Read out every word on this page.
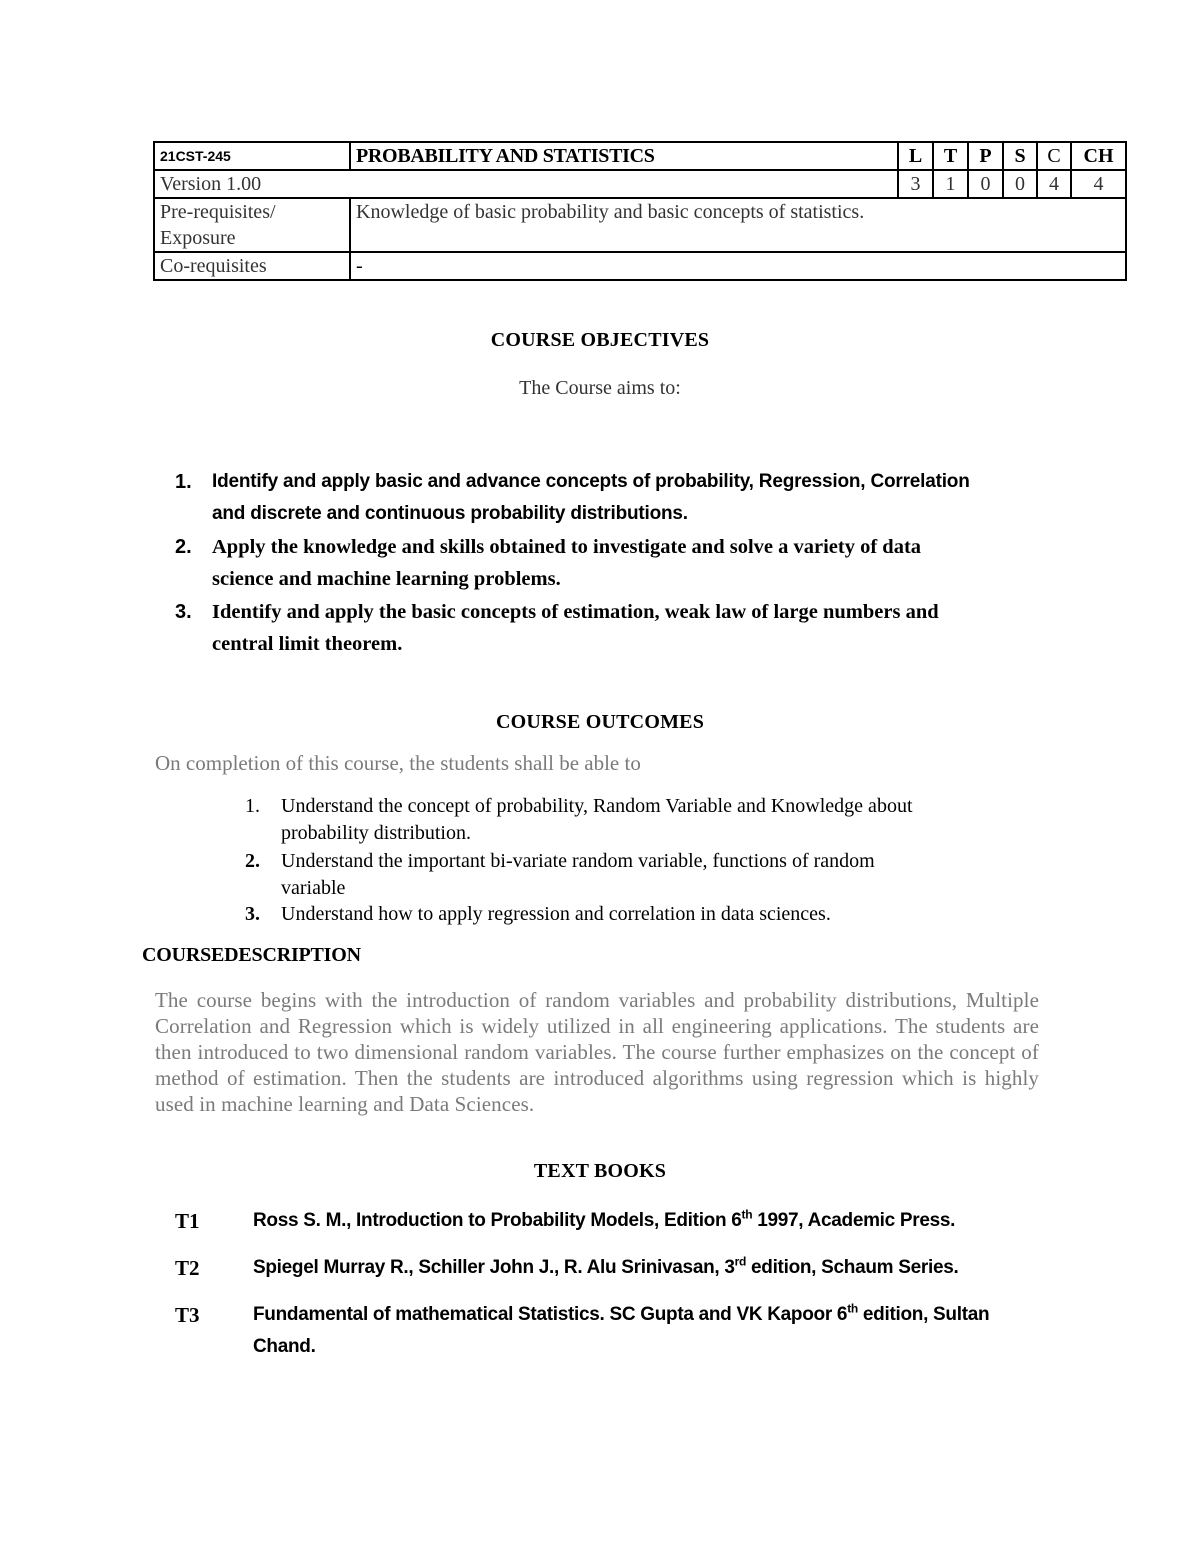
21CST-245	PROBABILITY AND STATISTICS	L	T	P	S	C	CH
Version 1.00		3	1	0	0	4	4
Pre-requisites/
Exposure	Knowledge of basic probability and basic concepts of statistics.						
Co-requisites	-						
COURSE OBJECTIVES
The Course aims to:
1. Identify and apply basic and advance concepts of probability, Regression, Correlation
and discrete and continuous probability distributions.
2. Apply the knowledge and skills obtained to investigate and solve a variety of data
science and machine learning problems.
3. Identify and apply the basic concepts of estimation, weak law of large numbers and
central limit theorem.
COURSE OUTCOMES
On completion of this course, the students shall be able to
1. Understand the concept of probability, Random Variable and Knowledge about
probability distribution.
2. Understand the important bi-variate random variable, functions of random
variable
3. Understand how to apply regression and correlation in data sciences.
COURSEDESCRIPTION
The course begins with the introduction of random variables and probability distributions, Multiple Correlation and Regression which is widely utilized in all engineering applications. The students are then introduced to two dimensional random variables. The course further emphasizes on the concept of method of estimation. Then the students are introduced algorithms using regression which is highly used in machine learning and Data Sciences.
TEXT BOOKS
T1	Ross S. M., Introduction to Probability Models, Edition 6th 1997, Academic Press.
T2	Spiegel Murray R., Schiller John J., R. Alu Srinivasan, 3rd edition, Schaum Series.
T3	Fundamental of mathematical Statistics. SC Gupta and VK Kapoor 6th edition, Sultan
Chand.
